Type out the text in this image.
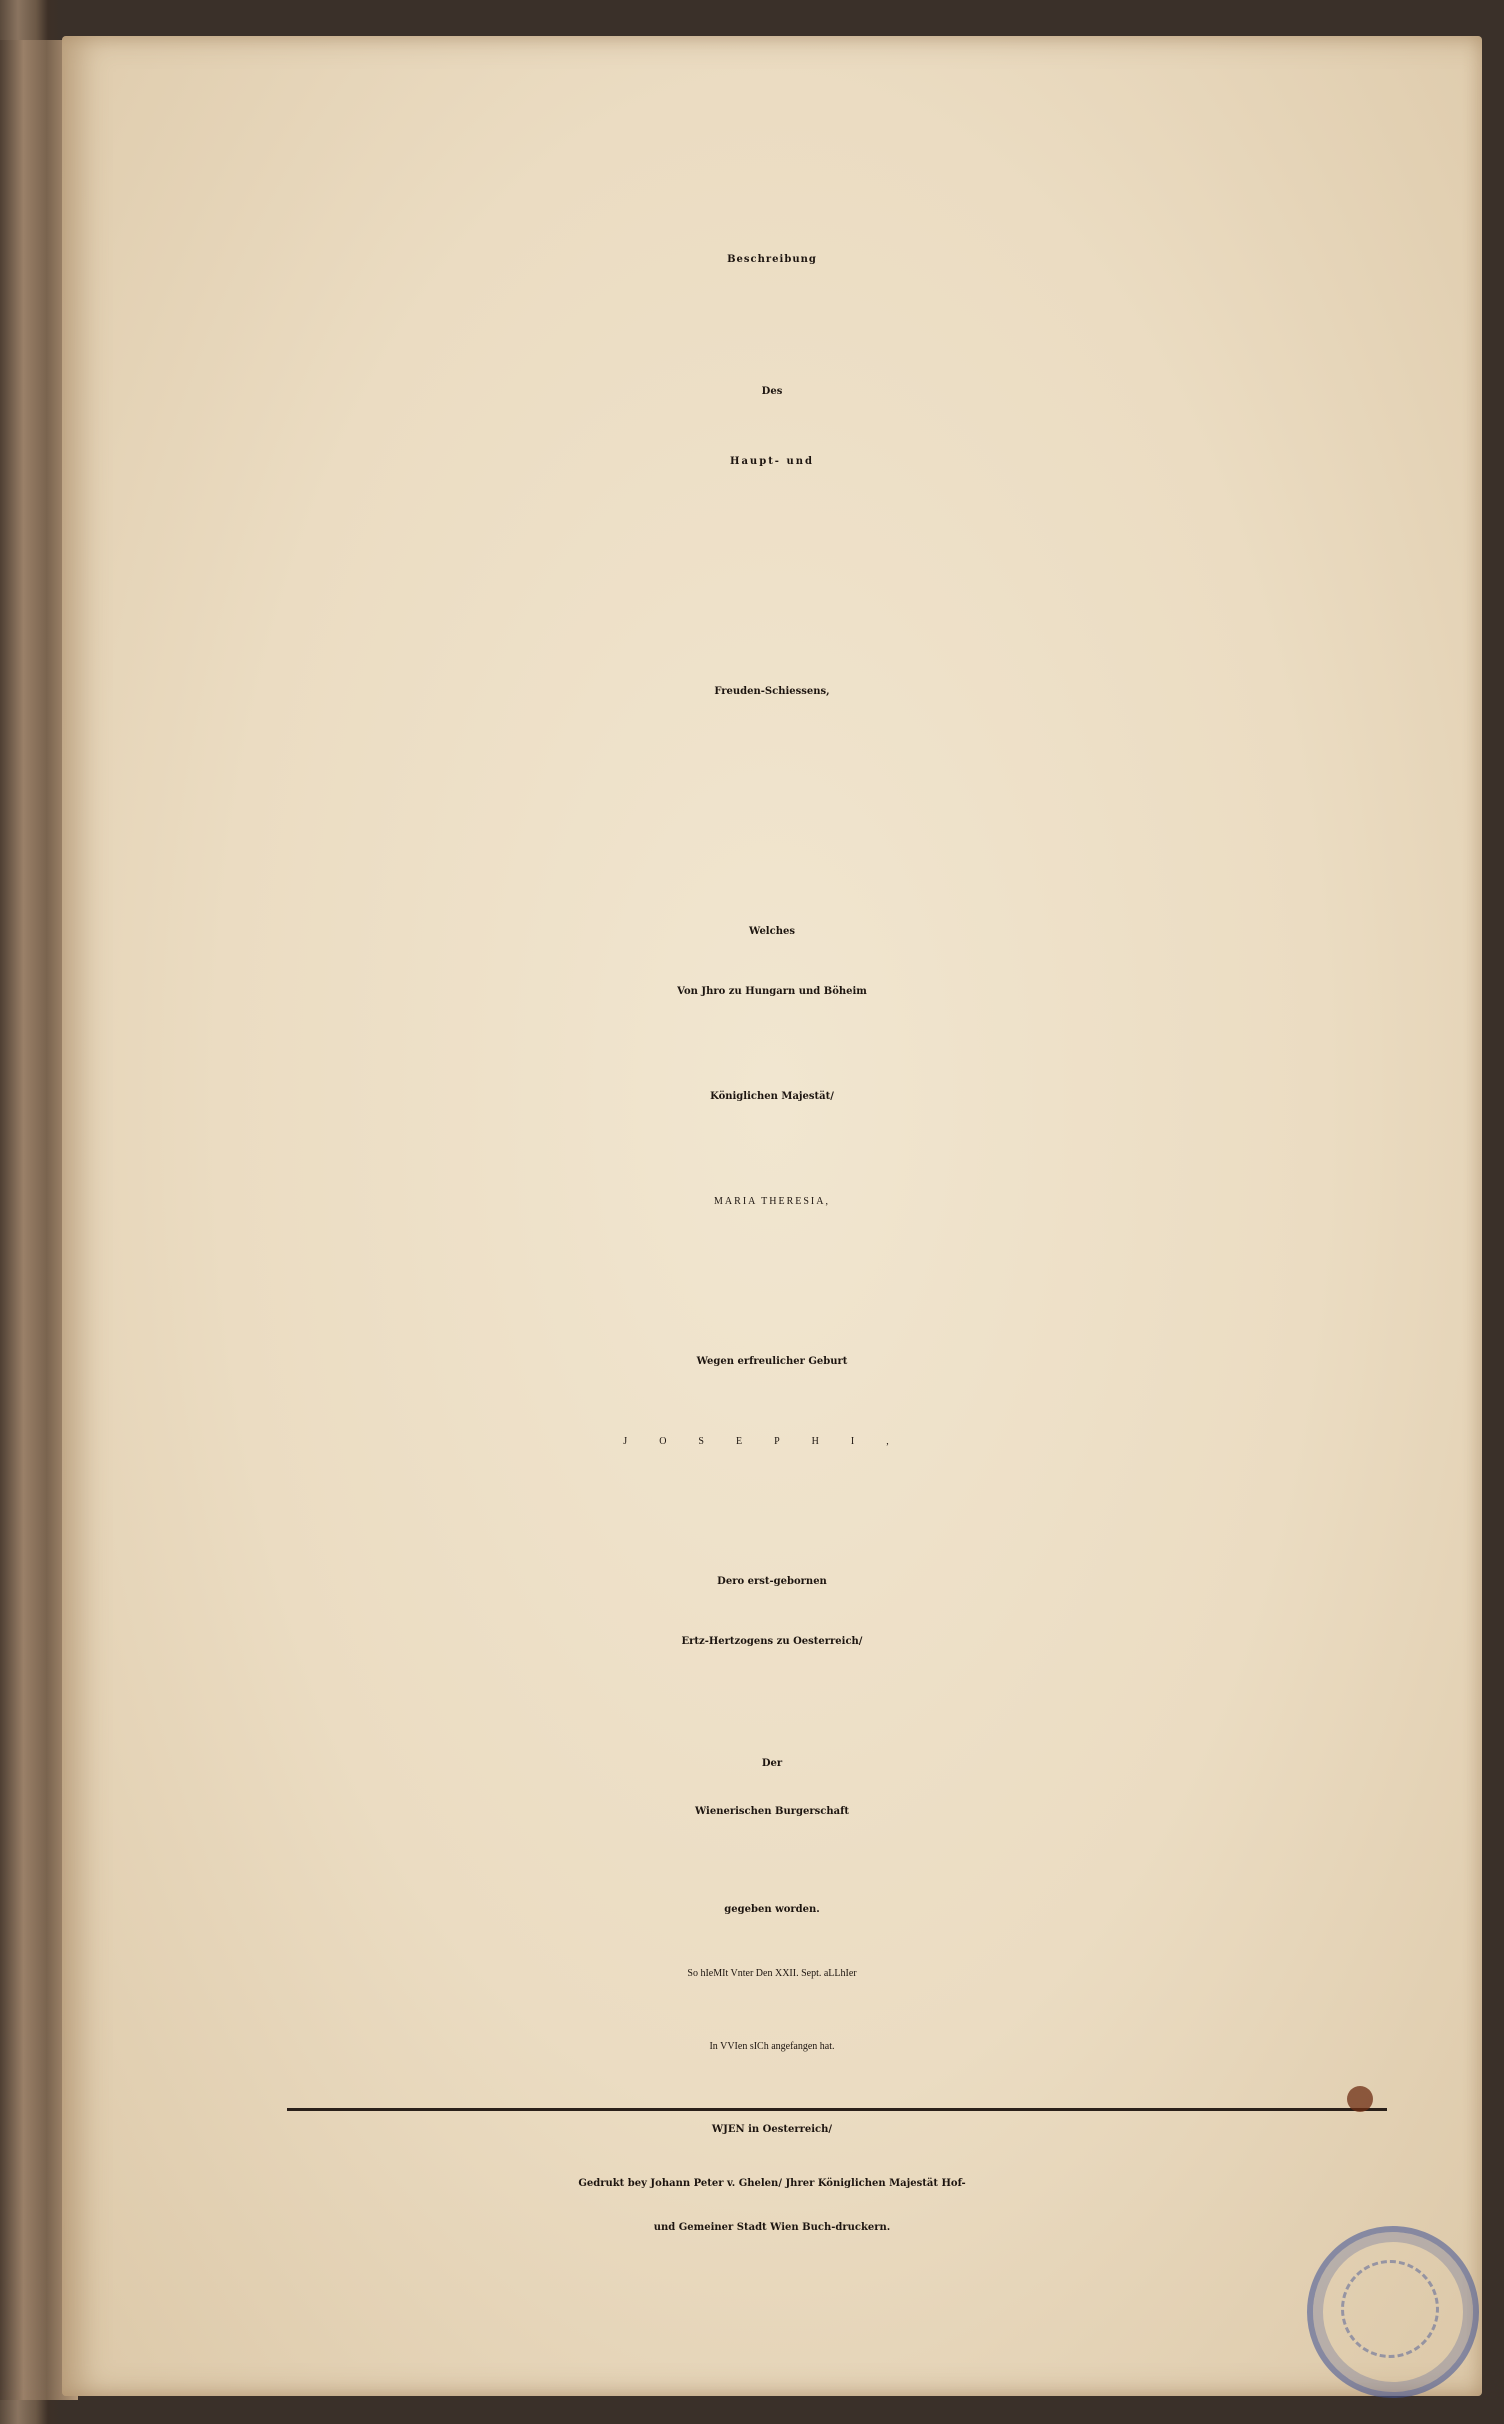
Beschreibung
Des
Haupt- und
Freuden-Schiessens,
Welches
Von Jhro zu Hungarn und Böheim
Königlichen Majestät/
MARIA THERESIA,
Wegen erfreulicher Geburt
JOSEPHI,
Dero erst-gebornen
Ertz-Hertzogens zu Oesterreich/
Der
Wienerischen Burgerschaft
gegeben worden.
So hIeMIt Vnter Den XXII. Sept. aLLhIer
In VVIen sICh angefangen hat.
WJEN in Oesterreich/
Gedrukt bey Johann Peter v. Ghelen/ Jhrer Königlichen Majestät Hof-
und Gemeiner Stadt Wien Buch-druckern.
